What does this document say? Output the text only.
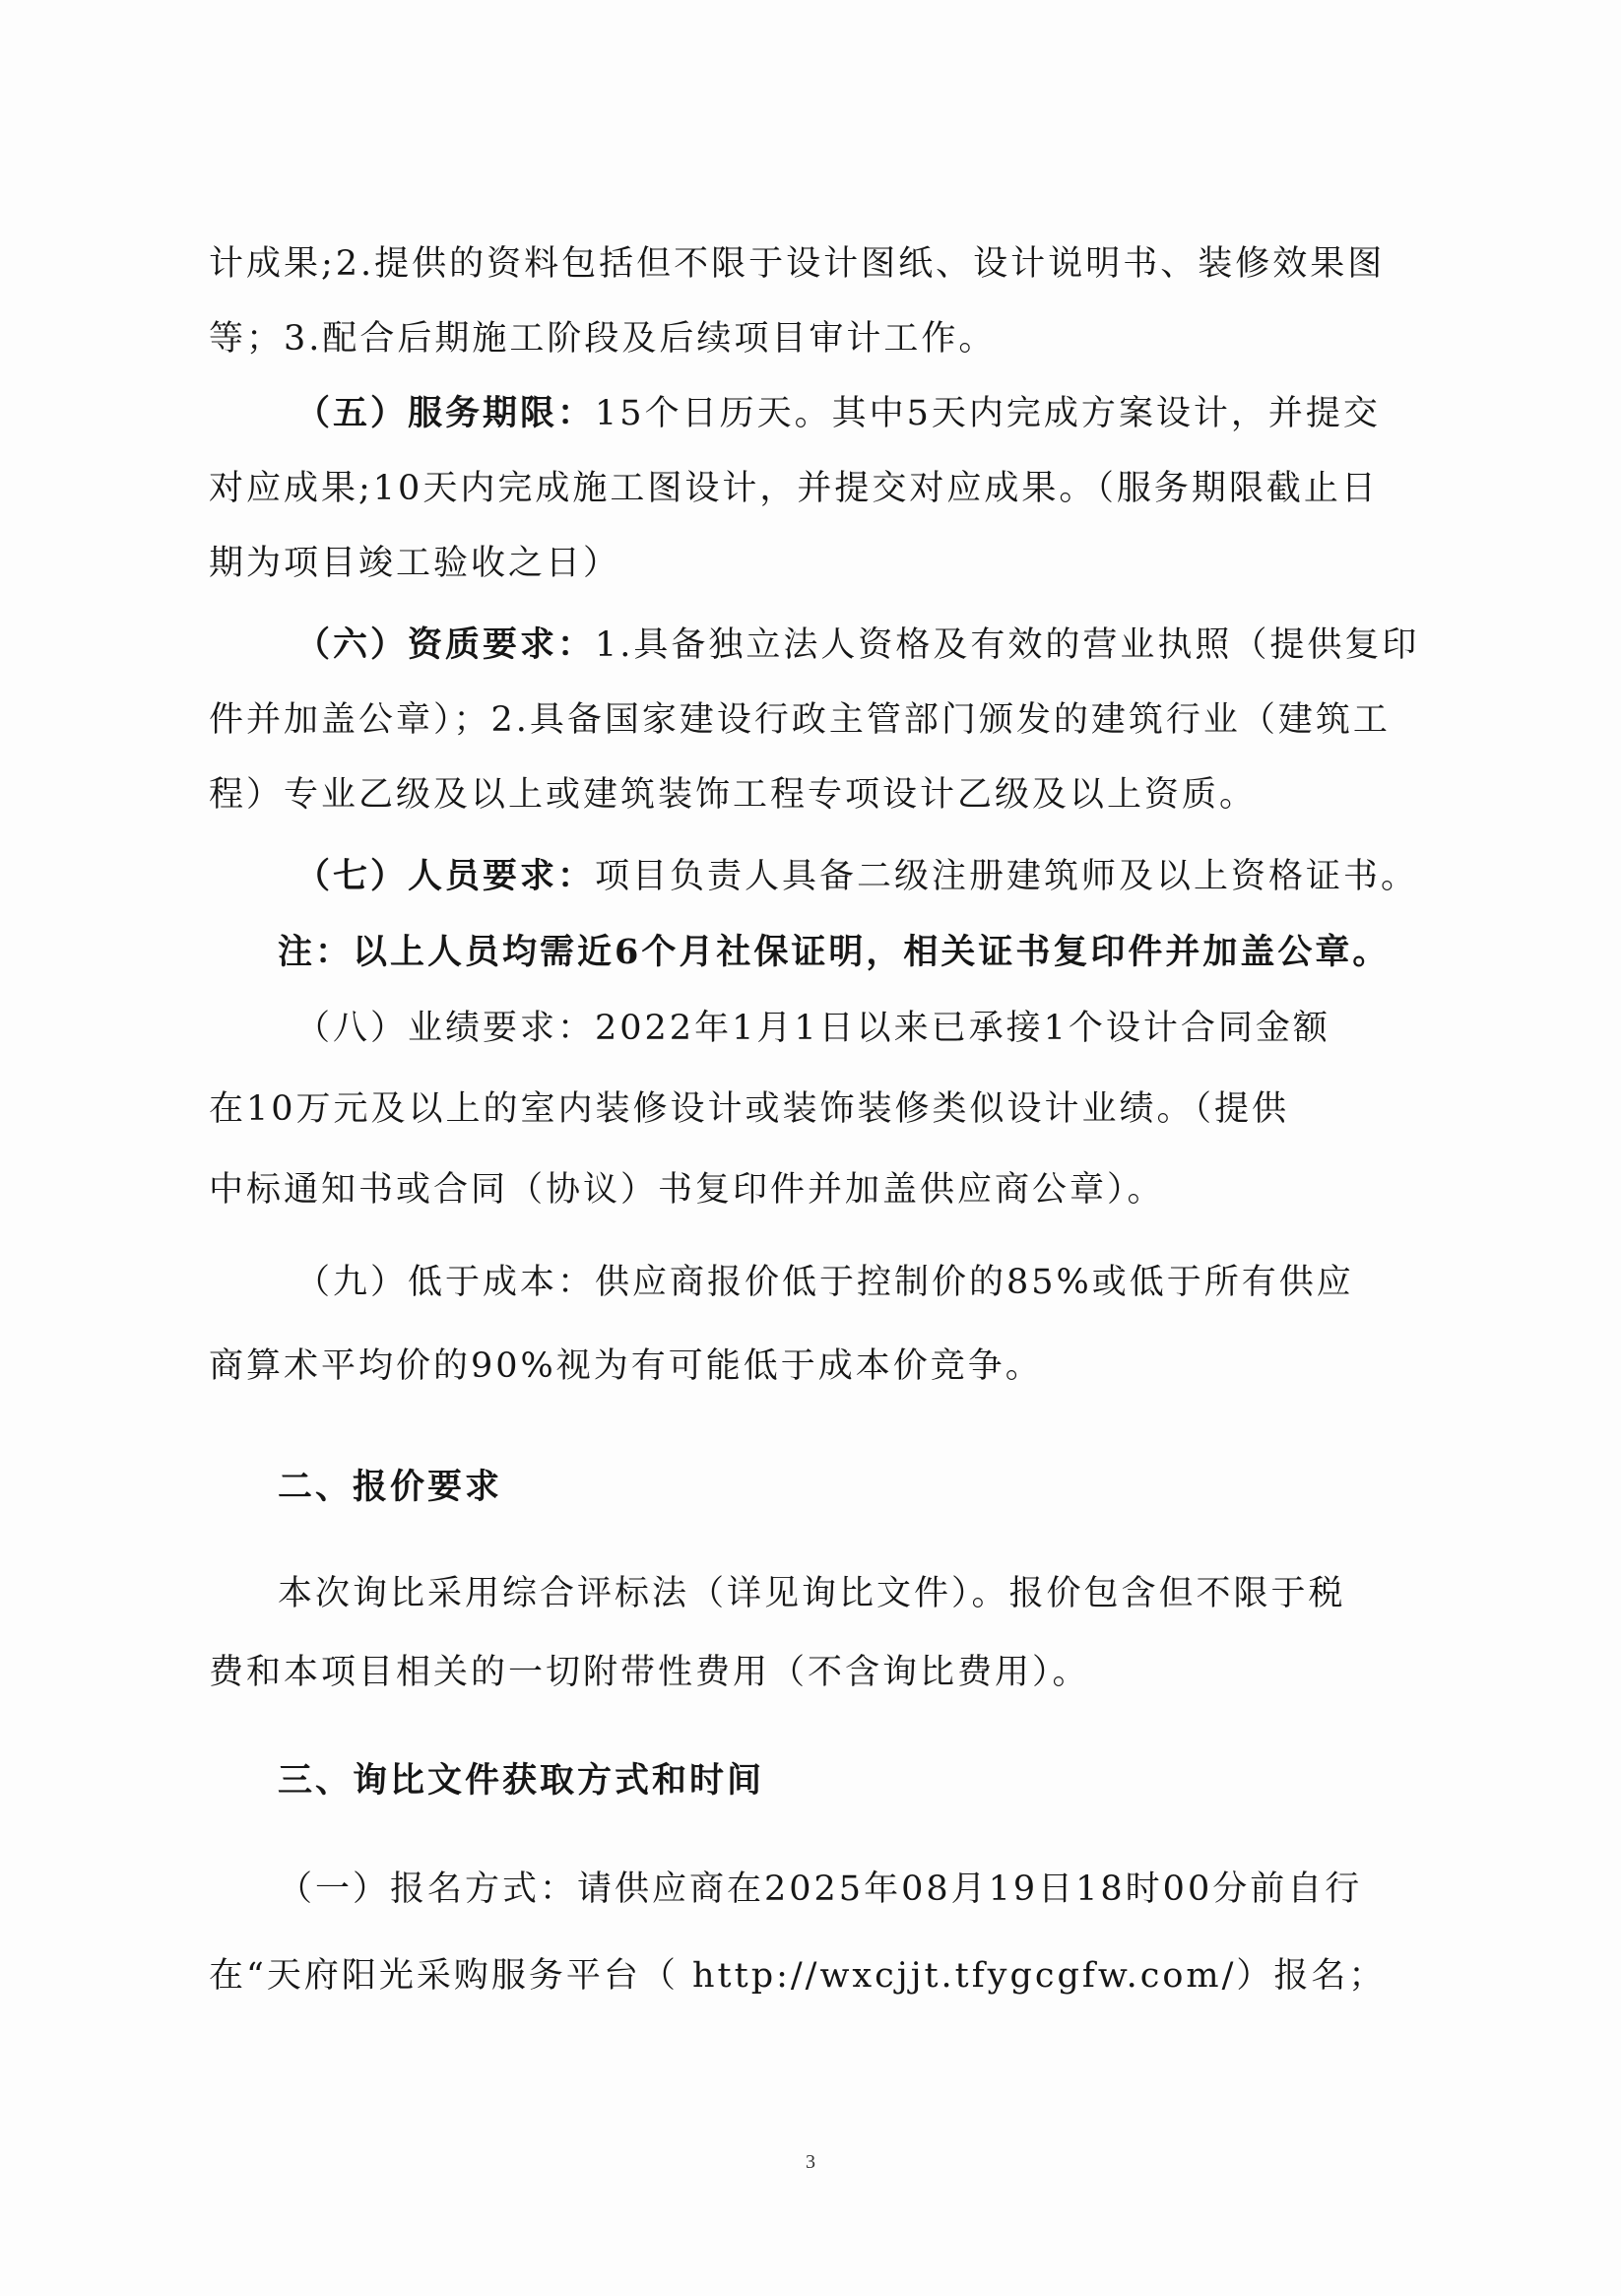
计成果;2.提供的资料包括但不限于设计图纸、设计说明书、装修效果图
等；3.配合后期施工阶段及后续项目审计工作。
（五）服务期限：15个日历天。其中5天内完成方案设计，并提交
对应成果;10天内完成施工图设计，并提交对应成果。（服务期限截止日
期为项目竣工验收之日）
（六）资质要求：1.具备独立法人资格及有效的营业执照（提供复印
件并加盖公章）；2.具备国家建设行政主管部门颁发的建筑行业（建筑工
程）专业乙级及以上或建筑装饰工程专项设计乙级及以上资质。
（七）人员要求：项目负责人具备二级注册建筑师及以上资格证书。
注：以上人员均需近6个月社保证明，相关证书复印件并加盖公章。
（八）业绩要求：2022年1月1日以来已承接1个设计合同金额
在10万元及以上的室内装修设计或装饰装修类似设计业绩。（提供
中标通知书或合同（协议）书复印件并加盖供应商公章）。
（九）低于成本：供应商报价低于控制价的85%或低于所有供应
商算术平均价的90%视为有可能低于成本价竞争。
二、报价要求
本次询比采用综合评标法（详见询比文件）。报价包含但不限于税
费和本项目相关的一切附带性费用（不含询比费用）。
三、询比文件获取方式和时间
（一）报名方式：请供应商在2025年08月19日18时00分前自行
在“天府阳光采购服务平台（ http://wxcjjt.tfygcgfw.com/）报名；
3
